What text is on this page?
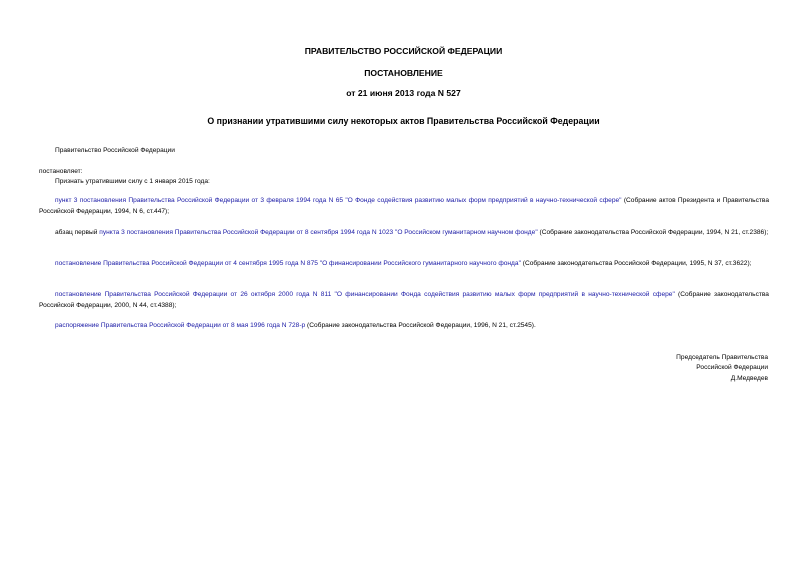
ПРАВИТЕЛЬСТВО РОССИЙСКОЙ ФЕДЕРАЦИИ
ПОСТАНОВЛЕНИЕ
от 21 июня 2013 года N 527
О признании утратившими силу некоторых актов Правительства Российской Федерации
Правительство Российской Федерации
постановляет:
Признать утратившими силу с 1 января 2015 года:
пункт 3 постановления Правительства Российской Федерации от 3 февраля 1994 года N 65 "О Фонде содействия развитию малых форм предприятий в научно-технической сфере" (Собрание актов Президента и Правительства Российской Федерации, 1994, N 6, ст.447);
абзац первый пункта 3 постановления Правительства Российской Федерации от 8 сентября 1994 года N 1023 "О Российском гуманитарном научном фонде" (Собрание законодательства Российской Федерации, 1994, N 21, ст.2386);
постановление Правительства Российской Федерации от 4 сентября 1995 года N 875 "О финансировании Российского гуманитарного научного фонда" (Собрание законодательства Российской Федерации, 1995, N 37, ст.3622);
постановление Правительства Российской Федерации от 26 октября 2000 года N 811 "О финансировании Фонда содействия развитию малых форм предприятий в научно-технической сфере" (Собрание законодательства Российской Федерации, 2000, N 44, ст.4388);
распоряжение Правительства Российской Федерации от 8 мая 1996 года N 728-р (Собрание законодательства Российской Федерации, 1996, N 21, ст.2545).
Председатель Правительства
Российской Федерации
Д.Медведев
